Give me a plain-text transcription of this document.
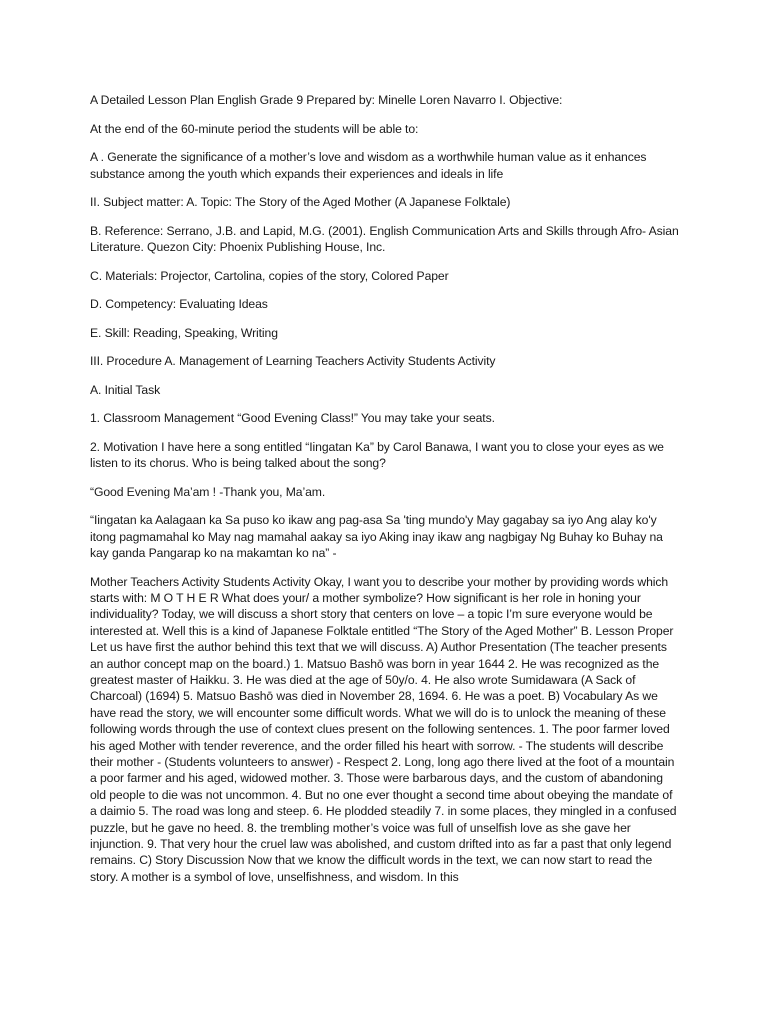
A Detailed Lesson Plan English Grade 9 Prepared by: Minelle Loren Navarro I. Objective:

At the end of the 60-minute period the students will be able to:

A . Generate the significance of a mother’s love and wisdom as a worthwhile human value as it enhances substance among the youth which expands their experiences and ideals in life

II. Subject matter: A. Topic: The Story of the Aged Mother (A Japanese Folktale)

B. Reference: Serrano, J.B. and Lapid, M.G. (2001). English Communication Arts and Skills through Afro- Asian Literature. Quezon City: Phoenix Publishing House, Inc.

C. Materials: Projector, Cartolina, copies of the story, Colored Paper

D. Competency: Evaluating Ideas

E. Skill: Reading, Speaking, Writing

III. Procedure A. Management of Learning Teachers Activity Students Activity

A. Initial Task

1. Classroom Management “Good Evening Class!” You may take your seats.

2. Motivation I have here a song entitled “Iingatan Ka” by Carol Banawa, I want you to close your eyes as we listen to its chorus. Who is being talked about the song?

“Good Evening Ma’am ! -Thank you, Ma’am.

“Iingatan ka Aalagaan ka Sa puso ko ikaw ang pag-asa Sa 'ting mundo'y May gagabay sa iyo Ang alay ko'y itong pagmamahal ko May nag mamahal aakay sa iyo Aking inay ikaw ang nagbigay Ng Buhay ko Buhay na kay ganda Pangarap ko na makamtan ko na” -

Mother Teachers Activity Students Activity Okay, I want you to describe your mother by providing words which starts with: M O T H E R What does your/ a mother symbolize? How significant is her role in honing your individuality? Today, we will discuss a short story that centers on love – a topic I’m sure everyone would be interested at. Well this is a kind of Japanese Folktale entitled “The Story of the Aged Mother” B. Lesson Proper Let us have first the author behind this text that we will discuss. A) Author Presentation (The teacher presents an author concept map on the board.) 1. Matsuo Bashō was born in year 1644 2. He was recognized as the greatest master of Haikku. 3. He was died at the age of 50y/o. 4. He also wrote Sumidawara (A Sack of Charcoal) (1694) 5. Matsuo Bashō was died in November 28, 1694. 6. He was a poet. B) Vocabulary As we have read the story, we will encounter some difficult words. What we will do is to unlock the meaning of these following words through the use of context clues present on the following sentences. 1. The poor farmer loved his aged Mother with tender reverence, and the order filled his heart with sorrow. - The students will describe their mother - (Students volunteers to answer) - Respect 2. Long, long ago there lived at the foot of a mountain a poor farmer and his aged, widowed mother. 3. Those were barbarous days, and the custom of abandoning old people to die was not uncommon. 4. But no one ever thought a second time about obeying the mandate of a daimio 5. The road was long and steep. 6. He plodded steadily 7. in some places, they mingled in a confused puzzle, but he gave no heed. 8. the trembling mother’s voice was full of unselfish love as she gave her injunction. 9. That very hour the cruel law was abolished, and custom drifted into as far a past that only legend remains. C) Story Discussion Now that we know the difficult words in the text, we can now start to read the story. A mother is a symbol of love, unselfishness, and wisdom. In this
